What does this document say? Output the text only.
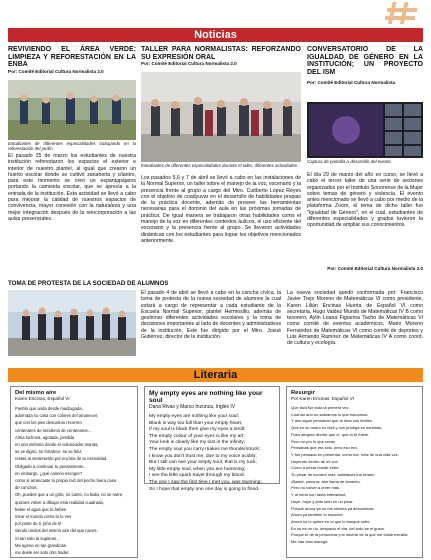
Noticias
REVIVIENDO EL ÁREA VERDE: LIMPIEZA Y REFORESTACIÓN EN LA ENBA
Por: Comité Editorial Cultura Normalista 2.0
Estudiantes de diferentes especialidades trabajando en la reforestación del jardín
El pasado 25 de marzo los estudiantes de nuestra institución reforestaron los espacios el exterior e interior de nuestro plantel, al igual que crearon un huerto escolar donde se cultivó zanahoria y cilantro, para este momento se creó un espantapájaros portando la camiseta escolar, que se aprecia a la entrada de la institución. Esta actividad se llevó a cabo para mejorar la calidad de nuestros espacios de convivencia, mayor conexión con la naturaleza y una mejor integración después de la reincorporación a las aulas presenciales.
TALLER PARA NORMALISTAS: REFORZANDO SU EXPRESIÓN ORAL
Por: Comité Editorial Cultura Normalista 2.0
Estudiantes de diferentes especialidades durante el taller, diferentes actividades.
Los pasados 5,6 y 7 de abril se llevó a cabo en las instalaciones de la Normal Superior, un taller sobre el manejo de la voz, escenario y la presencia frente al grupo a cargo del Mtro. Cuitberto López Reyes con el objetivo de coadyuvar en el desarrollo de habilidades propias de la práctica docente, además de proveer las herramientas necesarias para el dominio del aula en las próximas jornadas de práctica. De igual manera se trabajaron otras habilidades como el manejo de la voz en diferentes contextos áulicos, el uso eficiente del escenario y la presencia frente al grupo. Se llevaron actividades dinámicas con los estudiantes para lograr los objetivos mencionados anteriormente.
CONVERSATORIO DE LA IGUALDAD DE GÉNERO EN LA INSTITUCIÓN; UN PROYECTO DEL ISM
Por: Comité Editorial Cultura Normalista
Captura de pantalla a desarrollo del evento
El día 29 de marzo del año en curso, se llevó a cabo el tercer taller de una serie de sesiones organizados por el Instituto Sonorense de la Mujer sobre temas de género y violencia. El evento antes mencionado se llevó a cabo por medio de la plataforma Zoom, el tema de dicho taller fue "Igualdad de Género", en el cual, estudiantes de diferentes especialidades y grados tuvieron la oportunidad de ampliar sus conocimientos.
TOMA DE PROTESTA DE LA SOCIEDAD DE ALUMNOS
Por: Comité Editorial Cultura Normalista 2.0
El pasado 4 de abril se llevó a cabo en la cancha cívica, la toma de protesta de la nueva sociedad de alumnos la cual estará a cargo de representar a cada estudiante de la Escuela Normal Superior, plantel Hermosillo, además de gestionar diferentes actividades escolares y la toma de decisiones importantes al lado de docentes y administrativos de la institución. Este fue dirigido por el Mtro. Josué Gutiérrez, director de la institución.
La nueva sociedad quedó conformada por: Francisco Javier Trejo Moreno de Matemáticas VI como presidente, Karen Lilián Encinas Huerta de Español VI como secretaria, Hugo Valdez Mundo de Matemáticas IV B como tesorero, Aylin Loana Figueroa Tacho de Matemáticas VI como comité de eventos académicos, Mario Moreno Fernandez de Matemáticas VI como comité de deportes y Luis Armando Ramírez de Matemáticas IV A como coord. de cultura y ecología.
Literaria
Del mismo aire
Karen Encinas, Español VI
Pueblo que anda desde madrugada,
adornada su casa con colores del amanecer,
que con los pies descalzos recorren
centenares de senderos de centenares...
Alma luchona, agotada, perdida
en una sinfonía donde el colonizador manda,
se ve digno, se fortalece, se ve feliz,
restas tu sentimiento por encima de tu necesidad.
Obligado a continuar tu pensamiento,
en embargo, ¿qué camino escoger?
como si arrancaste tu propia raíz del pecho fuera casa
de conchos.
Oh, puedes que a un grito, no canto, no baila, no se nutre,
quizoes volver a dibujar esta realidad cuadrada,
beber el agua que tú bebes
mirar el mundo como tú lo ves
por parte de ti, jirón de ti!
siendo unidos del mismo aire del que naces.
Si tan solo tú supieras...
Me ageno en tan grandiosa
me duele ser solo otro trader.
My empty eyes are nothing like your soul
Dana Rivas y Marco Inzunza, Inglés IV
My empty eyes are nothing like your soul;
Blank is way too full than your empty heart;
If my soul is black then give my eyes a stroll;
The empty colour of your eyes is like my art;
Your look is clearly like my lost in the infinity;
The empty soul you carry makes me thunderstruck;
I know you don't trust me, due to my voice acidity;
But I still can see your empty soul, that is my luck;
My little empty soul, when you are humming;
I see the little spark travel through my blood;
The one I saw the first time I met you, was stunning;
So I hope that empty one one day is going to flood.
Resurgir
Por Karen Encinas, Español VI
Que fácil fue toda la primera vez,
Cuando aún no sabíamos lo que hacíamos.
Y aún sigue pensando que la rima con límites
Que en su rostro es fácil y nos prodiga en sonrisas.
Pues alegres decirte que sí, que tú te fuiste.
Pero no por lo que creas,
Pensabas que era sólo, pero eso era,
Y fue pensado en presentar, como fue, más de una vida vez.
Huyendo dentro de mi voz
Como a pesar hundir entre
Tu pesar de sombra más, satisfaces tus errado
¡Basta!, susurra, aún llama de lamento.
Pero no volver a creer más,
Y al mirar con tanta intensidad,
Huye, huye y pide lado en un pisar.
Porque ahora ya no me sientes ya desvanecer.
Ahora ya también lo escuche.
Ahora no lo quiere en el que lo busqué sufrir
En su es un río, despacio el día, del todo se el gusto.
Porque tú de la penumbra y la muerte de la que me fuiste extraña
Me has vida resurgir.
